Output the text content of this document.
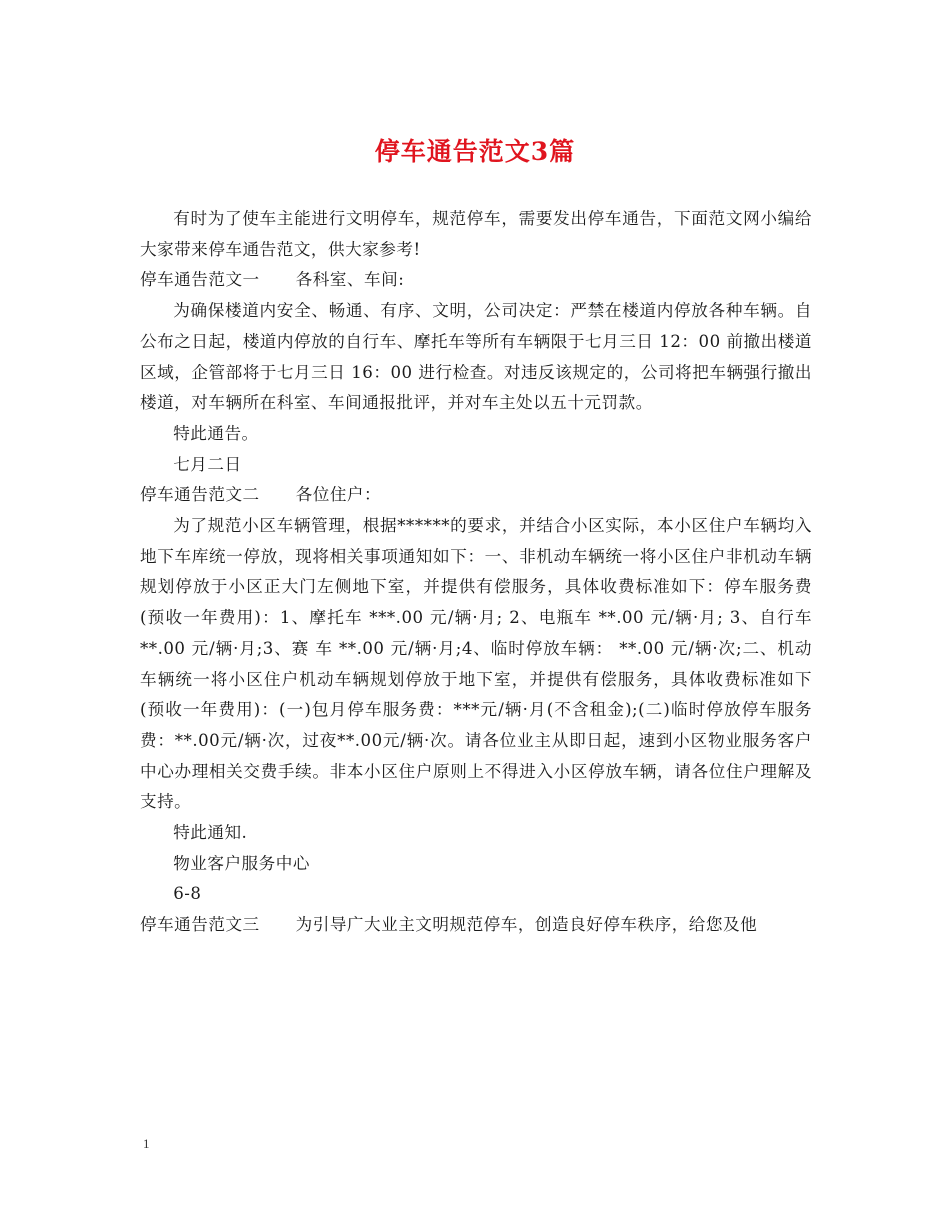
停车通告范文3篇

有时为了使车主能进行文明停车，规范停车，需要发出停车通告，下面范文网小编给大家带来停车通告范文，供大家参考!

停车通告范文一 各科室、车间:

为确保楼道内安全、畅通、有序、文明，公司决定：严禁在楼道内停放各种车辆。自公布之日起，楼道内停放的自行车、摩托车等所有车辆限于七月三日 12：00 前撤出楼道区域，企管部将于七月三日 16：00 进行检查。对违反该规定的，公司将把车辆强行撤出楼道，对车辆所在科室、车间通报批评，并对车主处以五十元罚款。

特此通告。

七月二日

停车通告范文二 各位住户：

为了规范小区车辆管理，根据******的要求，并结合小区实际，本小区住户车辆均入地下车库统一停放，现将相关事项通知如下：一、非机动车辆统一将小区住户非机动车辆规划停放于小区正大门左侧地下室，并提供有偿服务，具体收费标准如下：停车服务费(预收一年费用)：1、摩托车 ***.00 元/辆·月; 2、电瓶车 **.00 元/辆·月; 3、自行车 **.00 元/辆·月;3、赛 车 **.00 元/辆·月;4、临时停放车辆： **.00 元/辆·次;二、机动车辆统一将小区住户机动车辆规划停放于地下室，并提供有偿服务，具体收费标准如下(预收一年费用)：(一)包月停车服务费：***元/辆·月(不含租金);(二)临时停放停车服务费：**.00元/辆·次，过夜**.00元/辆·次。请各位业主从即日起，速到小区物业服务客户中心办理相关交费手续。非本小区住户原则上不得进入小区停放车辆，请各位住户理解及支持。

特此通知.

物业客户服务中心

6-8

停车通告范文三 为引导广大业主文明规范停车，创造良好停车秩序，给您及他

1
